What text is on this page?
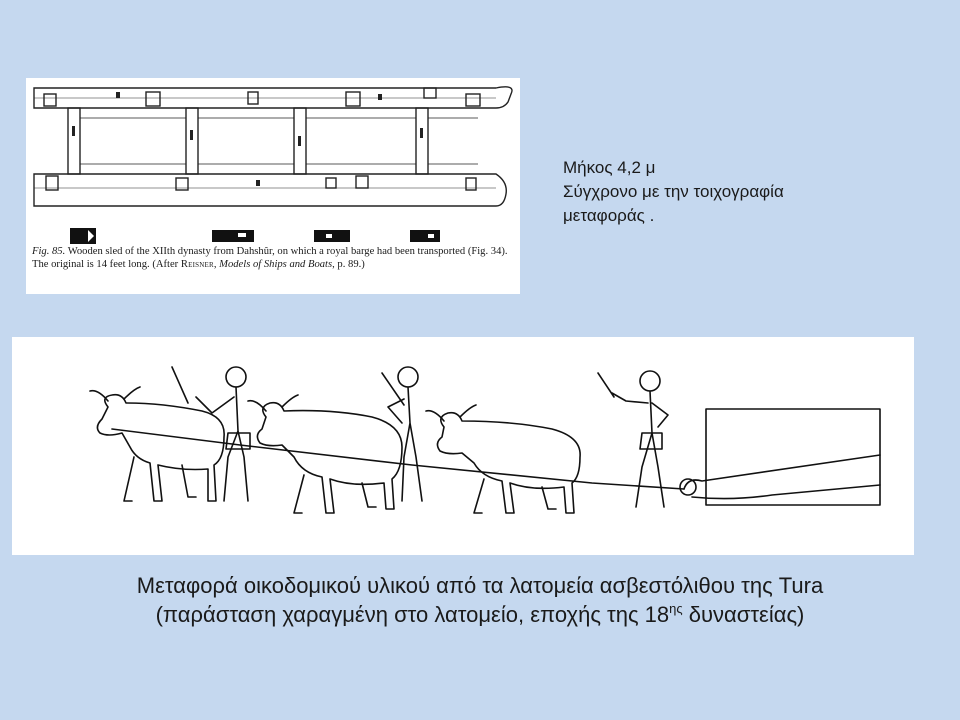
Fig. 85. Wooden sled of the XIIth dynasty from Dahshûr, on which a royal barge had been transported (Fig. 34). The original is 14 feet long. (After Reisner, Models of Ships and Boats, p. 89.)
Μήκος 4,2 μ
Σύγχρονο με την τοιχογραφία
μεταφοράς .
Μεταφορά οικοδομικού υλικού από τα λατομεία ασβεστόλιθου της Tura
(παράσταση χαραγμένη στο λατομείο, εποχής της $18^{\eta\varsigma}$ δυναστείας)
